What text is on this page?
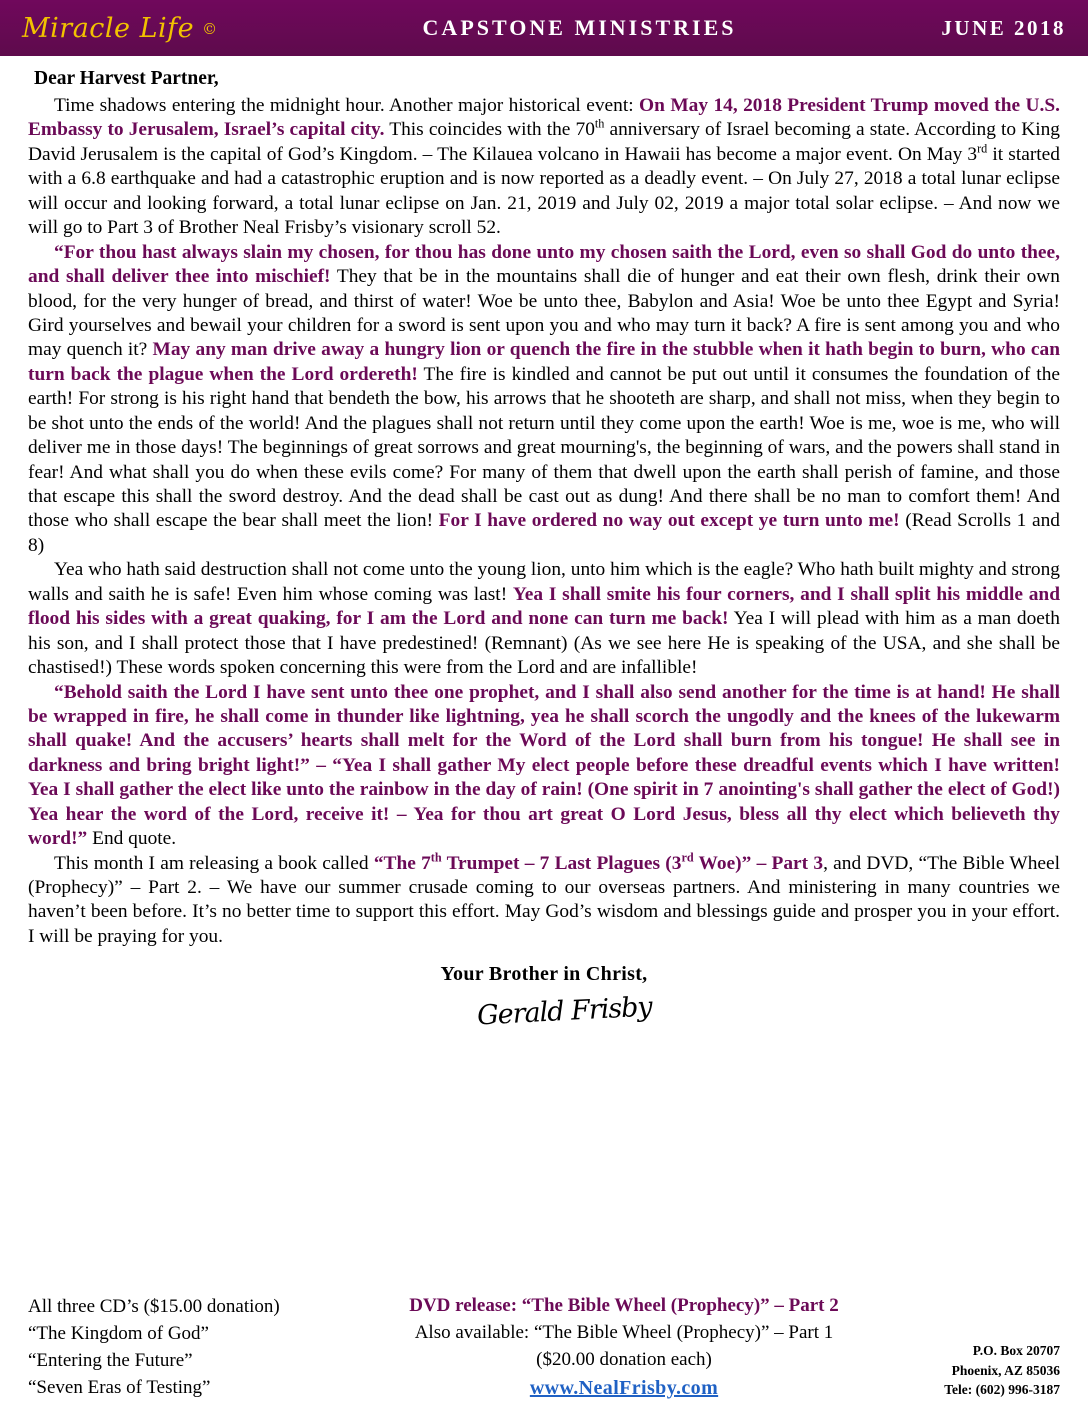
Miracle Life ©	CAPSTONE MINISTRIES	JUNE 2018
Dear Harvest Partner,

Time shadows entering the midnight hour. Another major historical event: On May 14, 2018 President Trump moved the U.S. Embassy to Jerusalem, Israel’s capital city. This coincides with the 70th anniversary of Israel becoming a state. According to King David Jerusalem is the capital of God’s Kingdom. – The Kilauea volcano in Hawaii has become a major event. On May 3rd it started with a 6.8 earthquake and had a catastrophic eruption and is now reported as a deadly event. – On July 27, 2018 a total lunar eclipse will occur and looking forward, a total lunar eclipse on Jan. 21, 2019 and July 02, 2019 a major total solar eclipse. – And now we will go to Part 3 of Brother Neal Frisby’s visionary scroll 52.

“For thou hast always slain my chosen, for thou has done unto my chosen saith the Lord, even so shall God do unto thee, and shall deliver thee into mischief! They that be in the mountains shall die of hunger and eat their own flesh, drink their own blood, for the very hunger of bread, and thirst of water! Woe be unto thee, Babylon and Asia! Woe be unto thee Egypt and Syria! Gird yourselves and bewail your children for a sword is sent upon you and who may turn it back? A fire is sent among you and who may quench it? May any man drive away a hungry lion or quench the fire in the stubble when it hath begin to burn, who can turn back the plague when the Lord ordereth! The fire is kindled and cannot be put out until it consumes the foundation of the earth! For strong is his right hand that bendeth the bow, his arrows that he shooteth are sharp, and shall not miss, when they begin to be shot unto the ends of the world! And the plagues shall not return until they come upon the earth! Woe is me, woe is me, who will deliver me in those days! The beginnings of great sorrows and great mourning's, the beginning of wars, and the powers shall stand in fear! And what shall you do when these evils come? For many of them that dwell upon the earth shall perish of famine, and those that escape this shall the sword destroy. And the dead shall be cast out as dung! And there shall be no man to comfort them! And those who shall escape the bear shall meet the lion! For I have ordered no way out except ye turn unto me! (Read Scrolls 1 and 8)

Yea who hath said destruction shall not come unto the young lion, unto him which is the eagle? Who hath built mighty and strong walls and saith he is safe! Even him whose coming was last! Yea I shall smite his four corners, and I shall split his middle and flood his sides with a great quaking, for I am the Lord and none can turn me back! Yea I will plead with him as a man doeth his son, and I shall protect those that I have predestined! (Remnant) (As we see here He is speaking of the USA, and she shall be chastised!) These words spoken concerning this were from the Lord and are infallible!

“Behold saith the Lord I have sent unto thee one prophet, and I shall also send another for the time is at hand! He shall be wrapped in fire, he shall come in thunder like lightning, yea he shall scorch the ungodly and the knees of the lukewarm shall quake! And the accusers’ hearts shall melt for the Word of the Lord shall burn from his tongue! He shall see in darkness and bring bright light!” – “Yea I shall gather My elect people before these dreadful events which I have written! Yea I shall gather the elect like unto the rainbow in the day of rain! (One spirit in 7 anointing's shall gather the elect of God!) Yea hear the word of the Lord, receive it! – Yea for thou art great O Lord Jesus, bless all thy elect which believeth thy word!” End quote.

This month I am releasing a book called “The 7th Trumpet – 7 Last Plagues (3rd Woe)” – Part 3, and DVD, “The Bible Wheel (Prophecy)” – Part 2. – We have our summer crusade coming to our overseas partners. And ministering in many countries we haven’t been before. It’s no better time to support this effort. May God’s wisdom and blessings guide and prosper you in your effort. I will be praying for you.

Your Brother in Christ,
Gerald Frisby
All three CD’s ($15.00 donation)
“The Kingdom of God”
“Entering the Future”
“Seven Eras of Testing”
DVD release: “The Bible Wheel (Prophecy)” – Part 2
Also available: “The Bible Wheel (Prophecy)” – Part 1
($20.00 donation each)
www.NealFrisby.com
P.O. Box 20707
Phoenix, AZ 85036
Tele: (602) 996-3187
